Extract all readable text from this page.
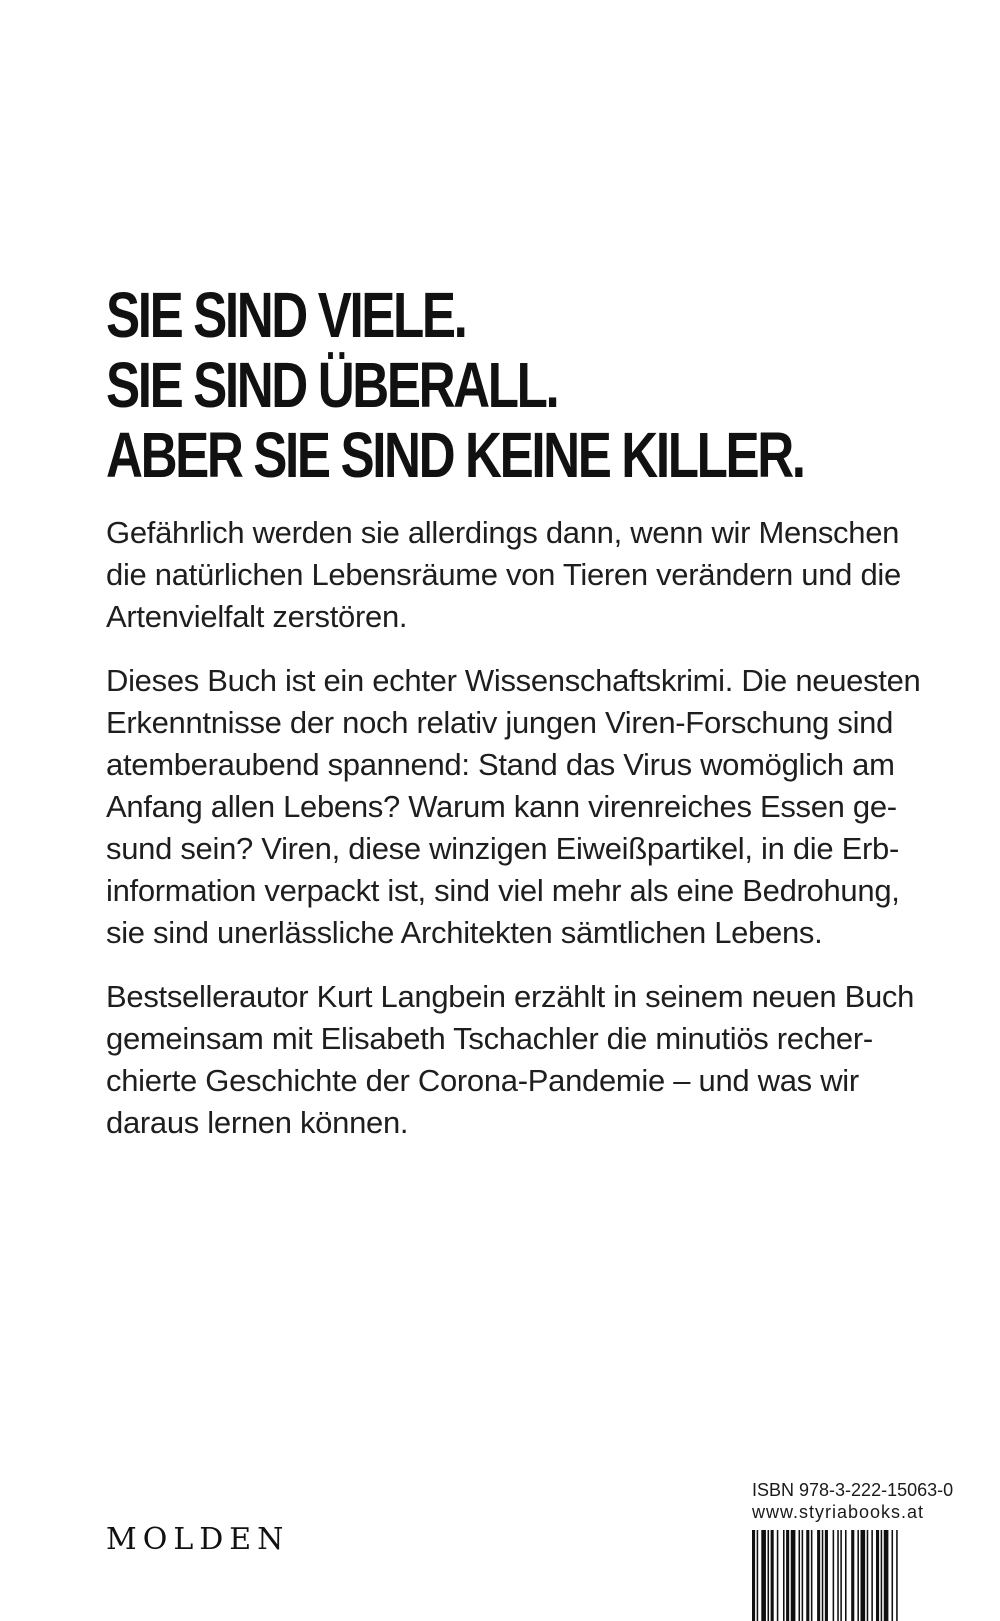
SIE SIND VIELE.
SIE SIND ÜBERALL.
ABER SIE SIND KEINE KILLER.

Gefährlich werden sie allerdings dann, wenn wir Menschen
die natürlichen Lebensräume von Tieren verändern und die
Artenvielfalt zerstören.

Dieses Buch ist ein echter Wissenschaftskrimi. Die neuesten
Erkenntnisse der noch relativ jungen Viren-Forschung sind
atemberaubend spannend: Stand das Virus womöglich am
Anfang allen Lebens? Warum kann virenreiches Essen ge-
sund sein? Viren, diese winzigen Eiweißpartikel, in die Erb-
information verpackt ist, sind viel mehr als eine Bedrohung,
sie sind unerlässliche Architekten sämtlichen Lebens.

Bestsellerautor Kurt Langbein erzählt in seinem neuen Buch
gemeinsam mit Elisabeth Tschachler die minutiös recher-
chierte Geschichte der Corona-Pandemie – und was wir
daraus lernen können.

MOLDEN
ISBN 978-3-222-15063-0
www.styriabooks.at
